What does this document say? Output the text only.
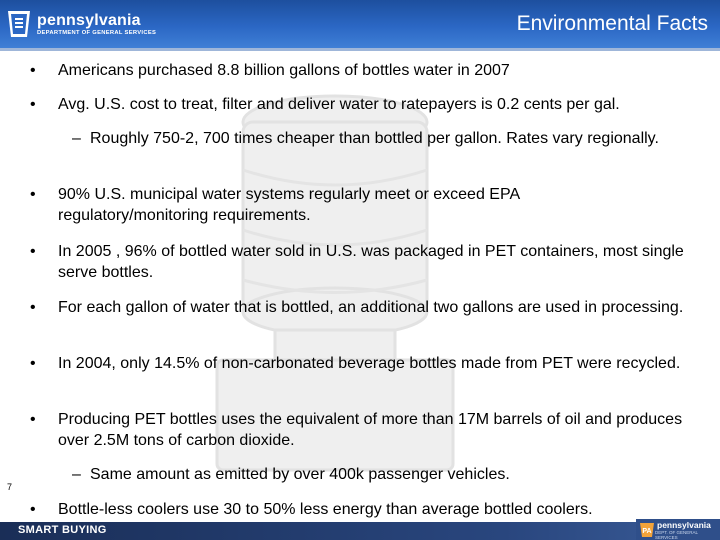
pennsylvania
DEPARTMENT OF GENERAL SERVICES	Environmental Facts
•	Americans purchased 8.8 billion gallons of bottles water in 2007
•	Avg. U.S. cost to treat, filter and deliver water to ratepayers is 0.2 cents per gal.
– Roughly 750-2, 700 times cheaper than bottled per gallon. Rates vary regionally.
•	90% U.S. municipal water systems regularly meet or exceed EPA regulatory/monitoring requirements.
•	In 2005 , 96% of bottled water sold in U.S. was packaged in PET containers, most single serve bottles.
•	For each gallon of water that is bottled, an additional two gallons are used in processing.
•	In 2004, only 14.5% of non-carbonated beverage bottles made from PET were recycled.
•	Producing PET bottles uses the equivalent of more than 17M barrels of oil and produces over 2.5M tons of carbon dioxide.
– Same amount as emitted by over 400k passenger vehicles.
•	Bottle-less coolers use 30 to 50% less energy than average bottled coolers.
7
SMART BUYING	PA
pennsylvania
DEPT. OF GENERAL SERVICES
